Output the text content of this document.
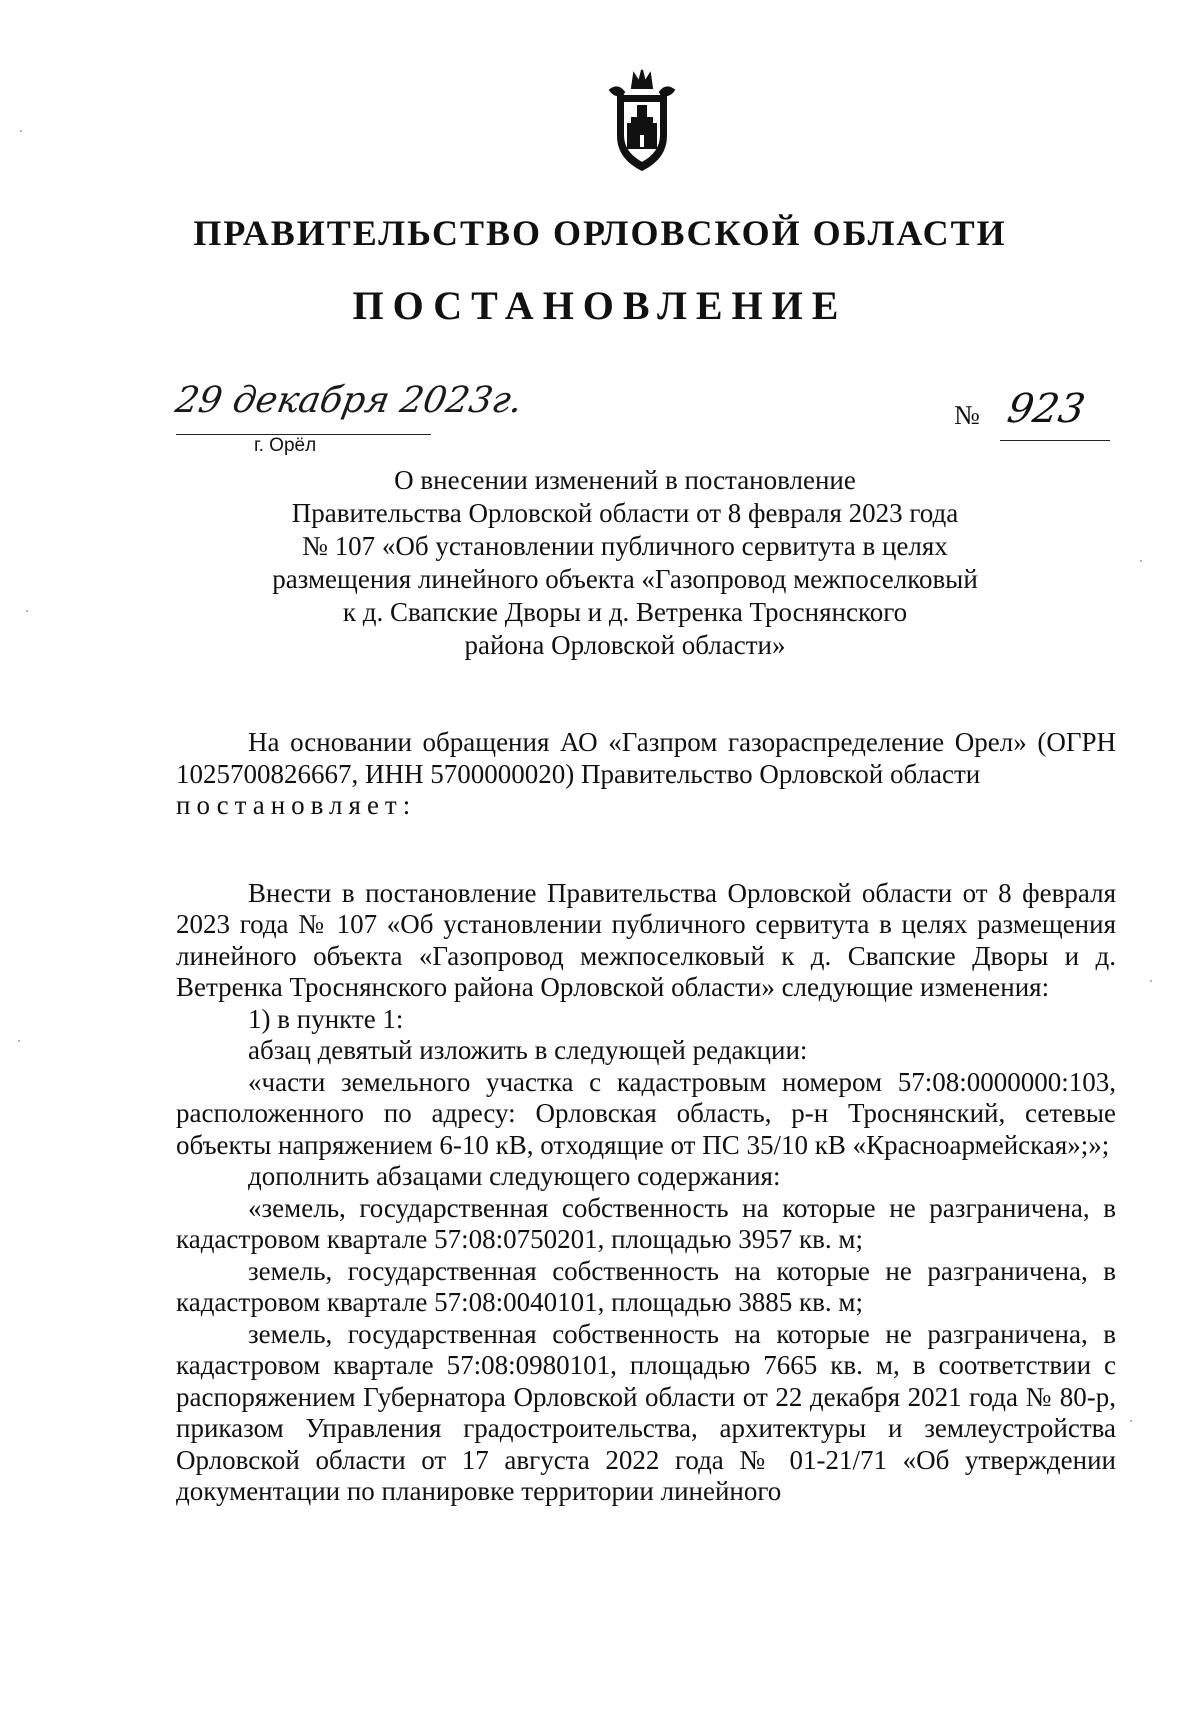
ПРАВИТЕЛЬСТВО ОРЛОВСКОЙ ОБЛАСТИ
ПОСТАНОВЛЕНИЕ
29 декабря 2023г.
г. Орёл
№ 923
О внесении изменений в постановление
Правительства Орловской области от 8 февраля 2023 года
№ 107 «Об установлении публичного сервитута в целях
размещения линейного объекта «Газопровод межпоселковый
к д. Свапские Дворы и д. Ветренка Троснянского
района Орловской области»

На основании обращения АО «Газпром газораспределение Орел» (ОГРН 1025700826667, ИНН 5700000020) Правительство Орловской области

постановляет:

Внести в постановление Правительства Орловской области от 8 февраля 2023 года № 107 «Об установлении публичного сервитута в целях размещения линейного объекта «Газопровод межпоселковый к д. Свапские Дворы и д. Ветренка Троснянского района Орловской области» следующие изменения:

1) в пункте 1:

абзац девятый изложить в следующей редакции:

«части земельного участка с кадастровым номером 57:08:0000000:103, расположенного по адресу: Орловская область, р-н Троснянский, сетевые объекты напряжением 6-10 кВ, отходящие от ПС 35/10 кВ «Красноармейская»;»;

дополнить абзацами следующего содержания:

«земель, государственная собственность на которые не разграничена, в кадастровом квартале 57:08:0750201, площадью 3957 кв. м;

земель, государственная собственность на которые не разграничена, в кадастровом квартале 57:08:0040101, площадью 3885 кв. м;

земель, государственная собственность на которые не разграничена, в кадастровом квартале 57:08:0980101, площадью 7665 кв. м, в соответствии с распоряжением Губернатора Орловской области от 22 декабря 2021 года № 80-р, приказом Управления градостроительства, архитектуры и землеустройства Орловской области от 17 августа 2022 года № 01-21/71 «Об утверждении документации по планировке территории линейного
